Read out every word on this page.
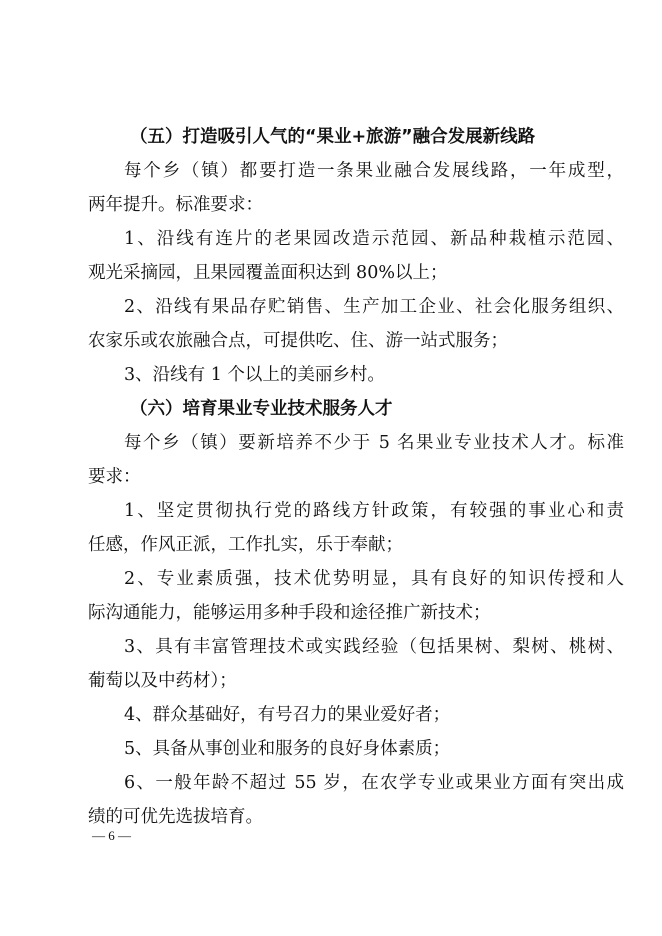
（五）打造吸引人气的“果业+旅游”融合发展新线路
每个乡（镇）都要打造一条果业融合发展线路，一年成型，
两年提升。标准要求：
1、沿线有连片的老果园改造示范园、新品种栽植示范园、
观光采摘园，且果园覆盖面积达到 80%以上；
2、沿线有果品存贮销售、生产加工企业、社会化服务组织、
农家乐或农旅融合点，可提供吃、住、游一站式服务；
3、沿线有 1 个以上的美丽乡村。
（六）培育果业专业技术服务人才
每个乡（镇）要新培养不少于 5 名果业专业技术人才。标准
要求：
1、坚定贯彻执行党的路线方针政策，有较强的事业心和责
任感，作风正派，工作扎实，乐于奉献；
2、专业素质强，技术优势明显，具有良好的知识传授和人
际沟通能力，能够运用多种手段和途径推广新技术；
3、具有丰富管理技术或实践经验（包括果树、梨树、桃树、
葡萄以及中药材）；
4、群众基础好，有号召力的果业爱好者；
5、具备从事创业和服务的良好身体素质；
6、一般年龄不超过 55 岁，在农学专业或果业方面有突出成
绩的可优先选拔培育。
— 6 —
